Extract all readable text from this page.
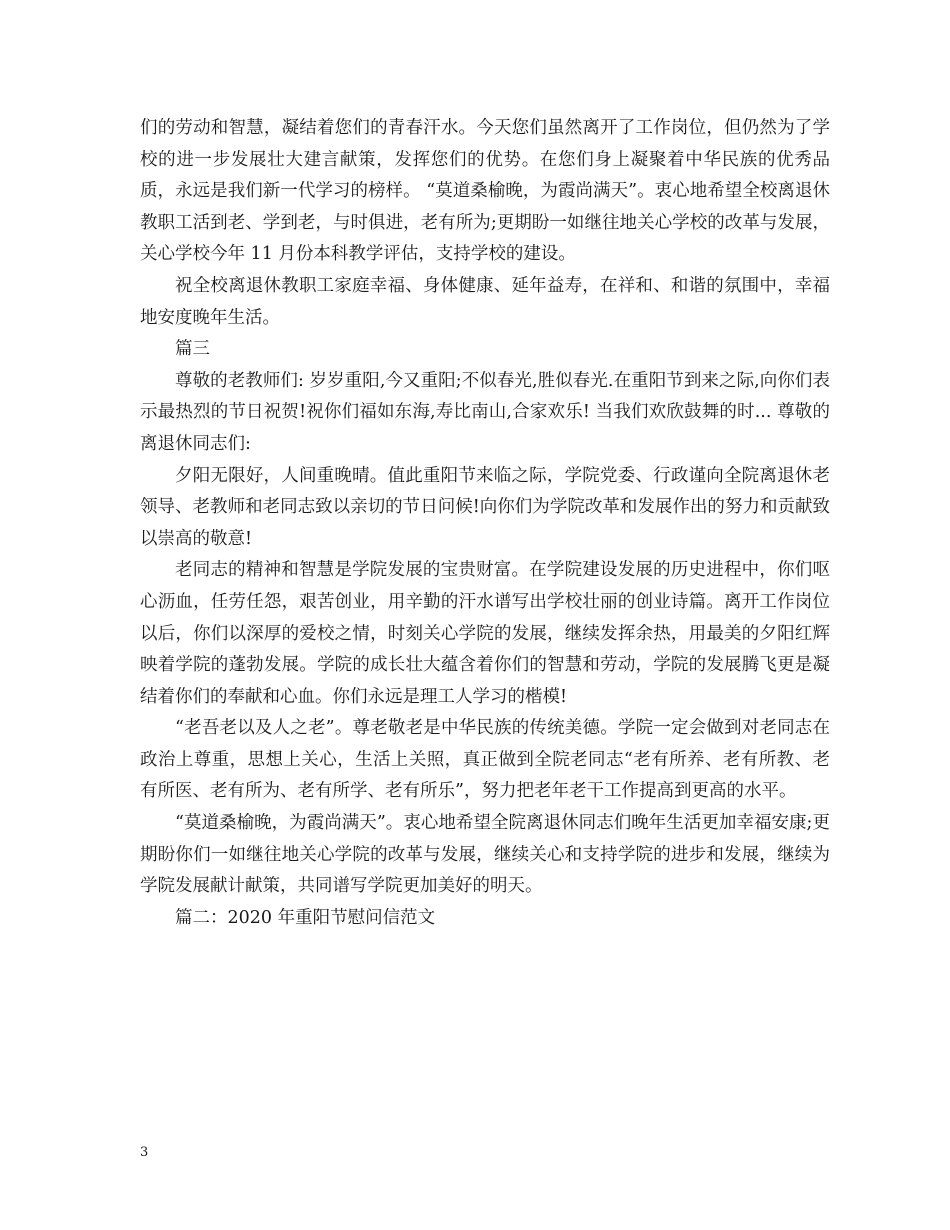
们的劳动和智慧，凝结着您们的青春汗水。今天您们虽然离开了工作岗位，但仍然为了学校的进一步发展壮大建言献策，发挥您们的优势。在您们身上凝聚着中华民族的优秀品质，永远是我们新一代学习的榜样。 “莫道桑榆晚，为霞尚满天”。衷心地希望全校离退休教职工活到老、学到老，与时俱进，老有所为;更期盼一如继往地关心学校的改革与发展，关心学校今年 11 月份本科教学评估，支持学校的建设。

祝全校离退休教职工家庭幸福、身体健康、延年益寿，在祥和、和谐的氛围中，幸福地安度晚年生活。

篇三

尊敬的老教师们: 岁岁重阳,今又重阳;不似春光,胜似春光.在重阳节到来之际,向你们表示最热烈的节日祝贺!祝你们福如东海,寿比南山,合家欢乐! 当我们欢欣鼓舞的时... 尊敬的离退休同志们:

夕阳无限好，人间重晚晴。值此重阳节来临之际，学院党委、行政谨向全院离退休老领导、老教师和老同志致以亲切的节日问候!向你们为学院改革和发展作出的努力和贡献致以崇高的敬意!

老同志的精神和智慧是学院发展的宝贵财富。在学院建设发展的历史进程中，你们呕心沥血，任劳任怨，艰苦创业，用辛勤的汗水谱写出学校壮丽的创业诗篇。离开工作岗位以后，你们以深厚的爱校之情，时刻关心学院的发展，继续发挥余热，用最美的夕阳红辉映着学院的蓬勃发展。学院的成长壮大蕴含着你们的智慧和劳动，学院的发展腾飞更是凝结着你们的奉献和心血。你们永远是理工人学习的楷模!

“老吾老以及人之老”。尊老敬老是中华民族的传统美德。学院一定会做到对老同志在政治上尊重，思想上关心，生活上关照，真正做到全院老同志“老有所养、老有所教、老有所医、老有所为、老有所学、老有所乐”，努力把老年老干工作提高到更高的水平。

“莫道桑榆晚，为霞尚满天”。衷心地希望全院离退休同志们晚年生活更加幸福安康;更期盼你们一如继往地关心学院的改革与发展，继续关心和支持学院的进步和发展，继续为学院发展献计献策，共同谱写学院更加美好的明天。

篇二：2020 年重阳节慰问信范文

3
